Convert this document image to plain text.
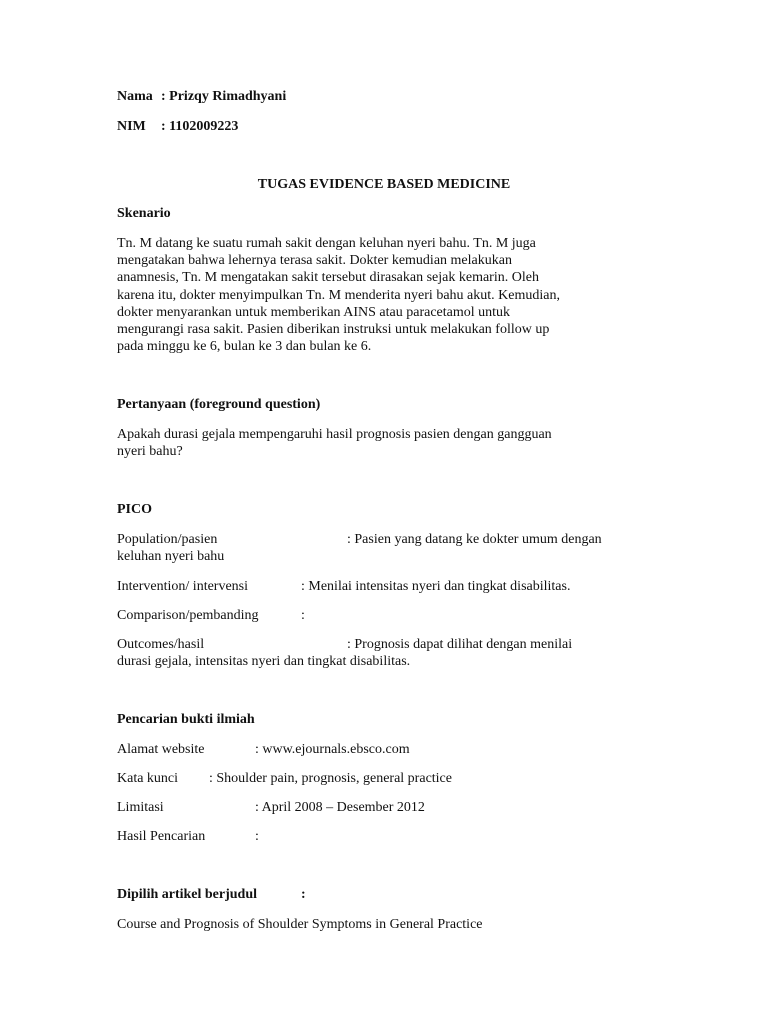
Nama : Prizqy Rimadhyani
NIM : 1102009223
TUGAS EVIDENCE BASED MEDICINE
Skenario
Tn. M datang ke suatu rumah sakit dengan keluhan nyeri bahu. Tn. M juga
mengatakan bahwa lehernya terasa sakit. Dokter kemudian melakukan
anamnesis, Tn. M mengatakan sakit tersebut dirasakan sejak kemarin. Oleh
karena itu, dokter menyimpulkan Tn. M menderita nyeri bahu akut. Kemudian,
dokter menyarankan untuk memberikan AINS atau paracetamol untuk
mengurangi rasa sakit. Pasien diberikan instruksi untuk melakukan follow up
pada minggu ke 6, bulan ke 3 dan bulan ke 6.
Pertanyaan (foreground question)
Apakah durasi gejala mempengaruhi hasil prognosis pasien dengan gangguan
nyeri bahu?
PICO
Population/pasien	: Pasien yang datang ke dokter umum dengan
keluhan nyeri bahu
Intervention/ intervensi	: Menilai intensitas nyeri dan tingkat disabilitas.
Comparison/pembanding	:
Outcomes/hasil	: Prognosis dapat dilihat dengan menilai
durasi gejala, intensitas nyeri dan tingkat disabilitas.
Pencarian bukti ilmiah
Alamat website	: www.ejournals.ebsco.com
Kata kunci : Shoulder pain, prognosis, general practice
Limitasi	: April 2008 – Desember 2012
Hasil Pencarian	:
Dipilih artikel berjudul	:
Course and Prognosis of Shoulder Symptoms in General Practice
